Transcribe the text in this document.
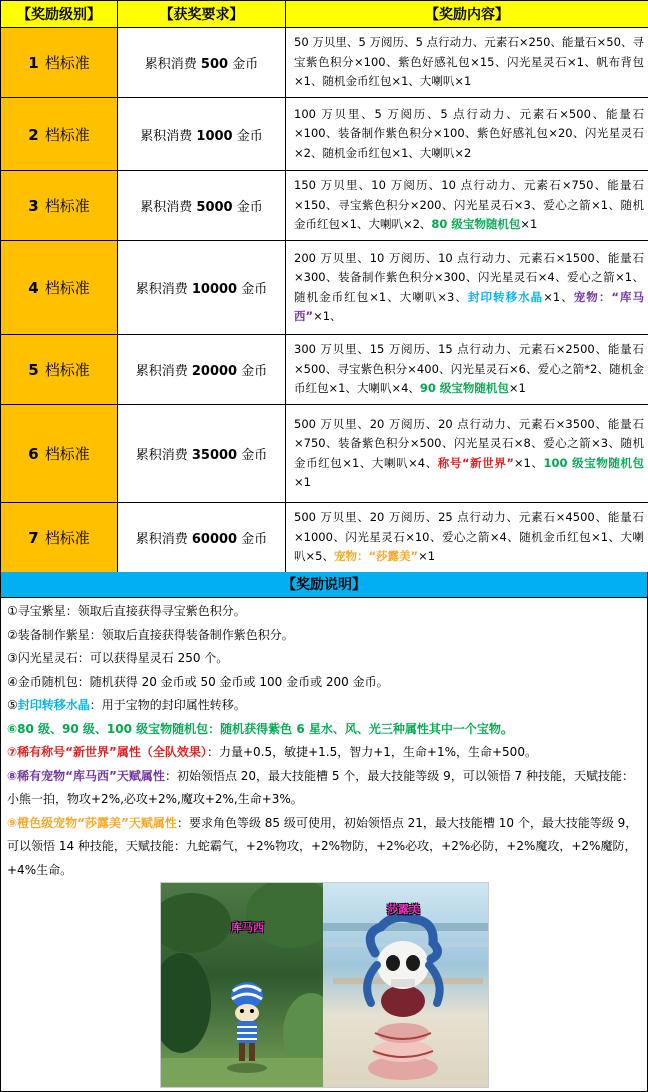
【奖励级别】	【获奖要求】	【奖励内容】
1 档标准	累积消费 500 金币	50 万贝里、5 万阅历、5 点行动力、元素石×250、能量石×50、寻宝紫色积分×100、紫色好感礼包×15、闪光星灵石×1、帆布背包×1、随机金币红包×1、大喇叭×1
2 档标准	累积消费 1000 金币	100 万贝里、5 万阅历、5 点行动力、元素石×500、能量石×100、装备制作紫色积分×100、紫色好感礼包×20、闪光星灵石×2、随机金币红包×1、大喇叭×2
3 档标准	累积消费 5000 金币	150 万贝里、10 万阅历、10 点行动力、元素石×750、能量石×150、寻宝紫色积分×200、闪光星灵石×3、爱心之箭×1、随机金币红包×1、大喇叭×2、80 级宝物随机包×1
4 档标准	累积消费 10000 金币	200 万贝里、10 万阅历、10 点行动力、元素石×1500、能量石×300、装备制作紫色积分×300、闪光星灵石×4、爱心之箭×1、随机金币红包×1、大喇叭×3、封印转移水晶×1、宠物：“库马西”×1、
5 档标准	累积消费 20000 金币	300 万贝里、15 万阅历、15 点行动力、元素石×2500、能量石×500、寻宝紫色积分×400、闪光星灵石×6、爱心之箭*2、随机金币红包×1、大喇叭×4、90 级宝物随机包×1
6 档标准	累积消费 35000 金币	500 万贝里、20 万阅历、20 点行动力、元素石×3500、能量石×750、装备紫色积分×500、闪光星灵石×8、爱心之箭×3、随机金币红包×1、大喇叭×4、称号“新世界”×1、100 级宝物随机包×1
7 档标准	累积消费 60000 金币	500 万贝里、20 万阅历、25 点行动力、元素石×4500、能量石×1000、闪光星灵石×10、爱心之箭×4、随机金币红包×1、大喇叭×5、宠物：“莎露美”×1
【奖励说明】
①寻宝紫星：领取后直接获得寻宝紫色积分。
②装备制作紫星：领取后直接获得装备制作紫色积分。
③闪光星灵石：可以获得星灵石 250 个。
④金币随机包：随机获得 20 金币或 50 金币或 100 金币或 200 金币。
⑤封印转移水晶：用于宝物的封印属性转移。
⑥80 级、90 级、100 级宝物随机包：随机获得紫色 6 星水、风、光三种属性其中一个宝物。
⑦稀有称号“新世界”属性（全队效果）：力量+0.5，敏捷+1.5，智力+1，生命+1%，生命+500。
⑧稀有宠物“库马西”天赋属性：初始领悟点 20，最大技能槽 5 个，最大技能等级 9，可以领悟 7 种技能，天赋技能：小熊一拍，物攻+2%,必攻+2%,魔攻+2%,生命+3%。
⑨橙色级宠物“莎露美”天赋属性：要求角色等级 85 级可使用，初始领悟点 21，最大技能槽 10 个，最大技能等级 9，可以领悟 14 种技能，天赋技能：九蛇霸气，+2%物攻，+2%物防，+2%必攻，+2%必防，+2%魔攻，+2%魔防，+4%生命。
库马西
莎露美
